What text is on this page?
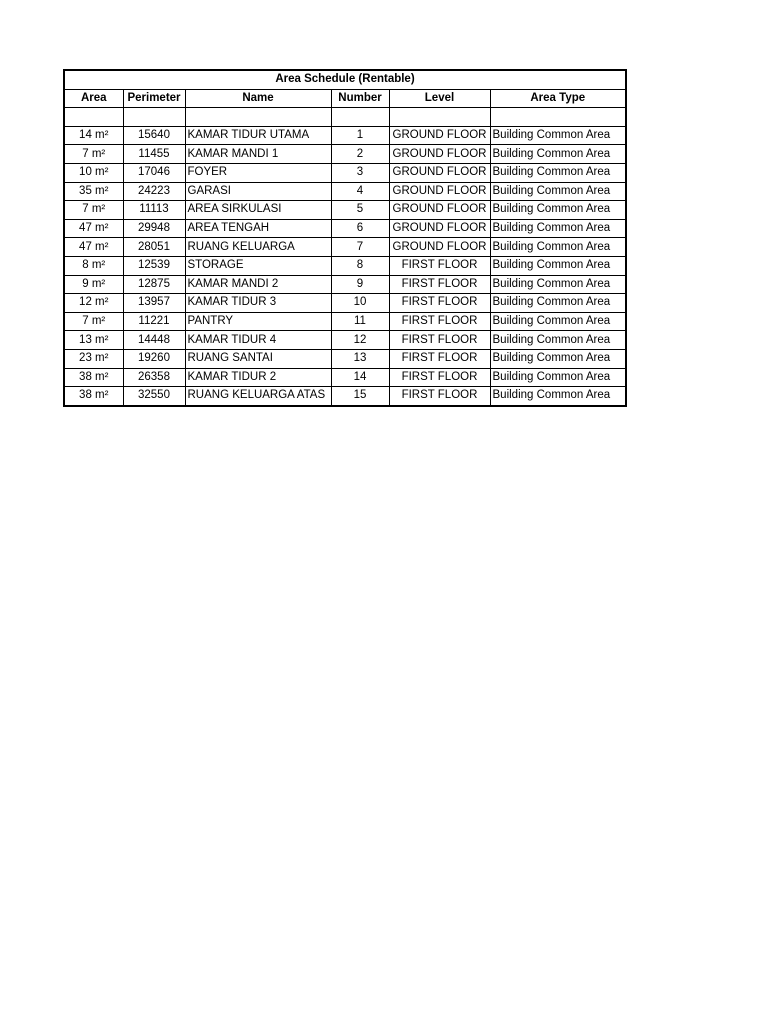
Area Schedule (Rentable)					
Area	Perimeter	Name	Number	Level	Area Type

14 m²	15640	KAMAR TIDUR UTAMA	1	GROUND FLOOR	Building Common Area
7 m²	11455	KAMAR MANDI 1	2	GROUND FLOOR	Building Common Area
10 m²	17046	FOYER	3	GROUND FLOOR	Building Common Area
35 m²	24223	GARASI	4	GROUND FLOOR	Building Common Area
7 m²	11113	AREA SIRKULASI	5	GROUND FLOOR	Building Common Area
47 m²	29948	AREA TENGAH	6	GROUND FLOOR	Building Common Area
47 m²	28051	RUANG KELUARGA	7	GROUND FLOOR	Building Common Area
8 m²	12539	STORAGE	8	FIRST FLOOR	Building Common Area
9 m²	12875	KAMAR MANDI 2	9	FIRST FLOOR	Building Common Area
12 m²	13957	KAMAR TIDUR 3	10	FIRST FLOOR	Building Common Area
7 m²	11221	PANTRY	11	FIRST FLOOR	Building Common Area
13 m²	14448	KAMAR TIDUR 4	12	FIRST FLOOR	Building Common Area
23 m²	19260	RUANG SANTAI	13	FIRST FLOOR	Building Common Area
38 m²	26358	KAMAR TIDUR 2	14	FIRST FLOOR	Building Common Area
38 m²	32550	RUANG KELUARGA ATAS	15	FIRST FLOOR	Building Common Area
